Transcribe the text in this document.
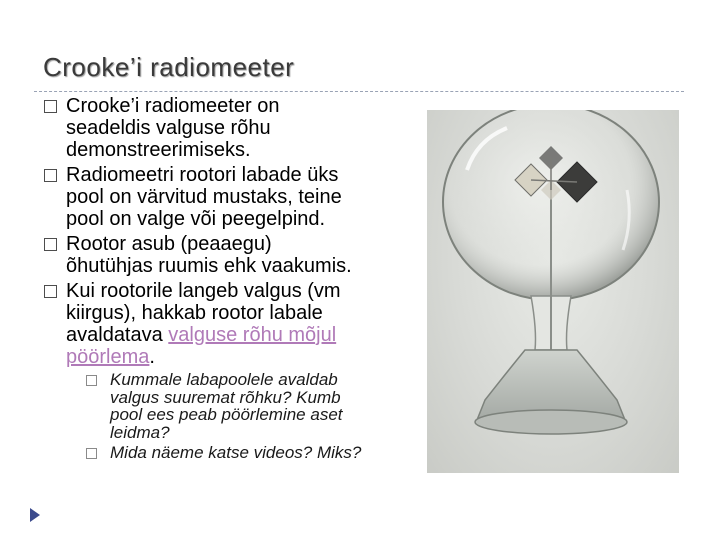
Crooke’i radiomeeter
Crooke’i radiomeeter on
seadeldis valguse rõhu
demonstreerimiseks.
Radiomeetri rootori labade üks
pool on värvitud mustaks, teine
pool on valge või peegelpind.
Rootor asub (peaaegu)
õhutühjas ruumis ehk vaakumis.
Kui rootorile langeb valgus (vm
kiirgus), hakkab rootor labale
avaldatava valguse rõhu mõjul
pöörlema.
Kummale labapoolele avaldab
valgus suuremat rõhku? Kumb
pool ees peab pöörlemine aset
leidma?
Mida näeme katse videos? Miks?
